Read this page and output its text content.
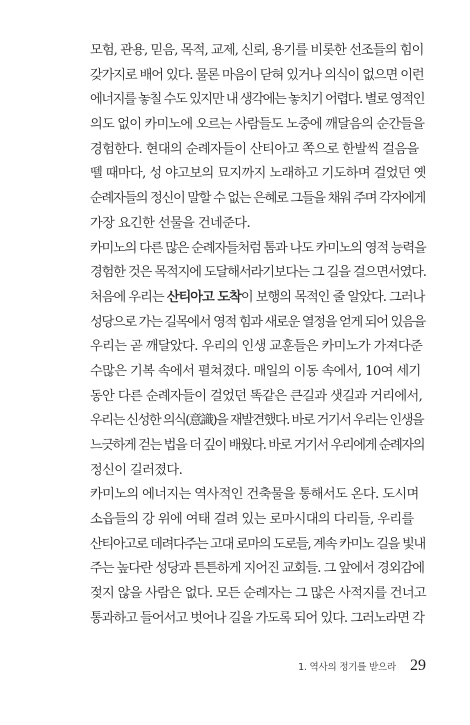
모험, 관용, 믿음, 목적, 교제, 신뢰, 용기를 비롯한 선조들의 힘이
갖가지로 배어 있다. 물론 마음이 닫혀 있거나 의식이 없으면 이런
에너지를 놓칠 수도 있지만 내 생각에는 놓치기 어렵다. 별로 영적인
의도 없이 카미노에 오르는 사람들도 노중에 깨달음의 순간들을
경험한다. 현대의 순례자들이 산티아고 쪽으로 한발씩 걸음을
뗄 때마다, 성 야고보의 묘지까지 노래하고 기도하며 걸었던 옛
순례자들의 정신이 말할 수 없는 은혜로 그들을 채워 주며 각자에게
가장 요긴한 선물을 건네준다.
카미노의 다른 많은 순례자들처럼 톰과 나도 카미노의 영적 능력을
경험한 것은 목적지에 도달해서라기보다는 그 길을 걸으면서였다.
처음에 우리는 산티아고 도착이 보행의 목적인 줄 알았다. 그러나
성당으로 가는 길목에서 영적 힘과 새로운 열정을 얻게 되어 있음을
우리는 곧 깨달았다. 우리의 인생 교훈들은 카미노가 가져다준
수많은 기복 속에서 펼쳐졌다. 매일의 이동 속에서, 10여 세기
동안 다른 순례자들이 걸었던 똑같은 큰길과 샛길과 거리에서,
우리는 신성한 의식(意識)을 재발견했다. 바로 거기서 우리는 인생을
느긋하게 걷는 법을 더 깊이 배웠다. 바로 거기서 우리에게 순례자의
정신이 길러졌다.
카미노의 에너지는 역사적인 건축물을 통해서도 온다. 도시며
소읍들의 강 위에 여태 걸려 있는 로마시대의 다리들, 우리를
산티아고로 데려다주는 고대 로마의 도로들, 계속 카미노 길을 빛내
주는 높다란 성당과 튼튼하게 지어진 교회들. 그 앞에서 경외감에
젖지 않을 사람은 없다. 모든 순례자는 그 많은 사적지를 건너고
통과하고 들어서고 벗어나 길을 가도록 되어 있다. 그러노라면 각
1. 역사의 정기를 받으라 29
